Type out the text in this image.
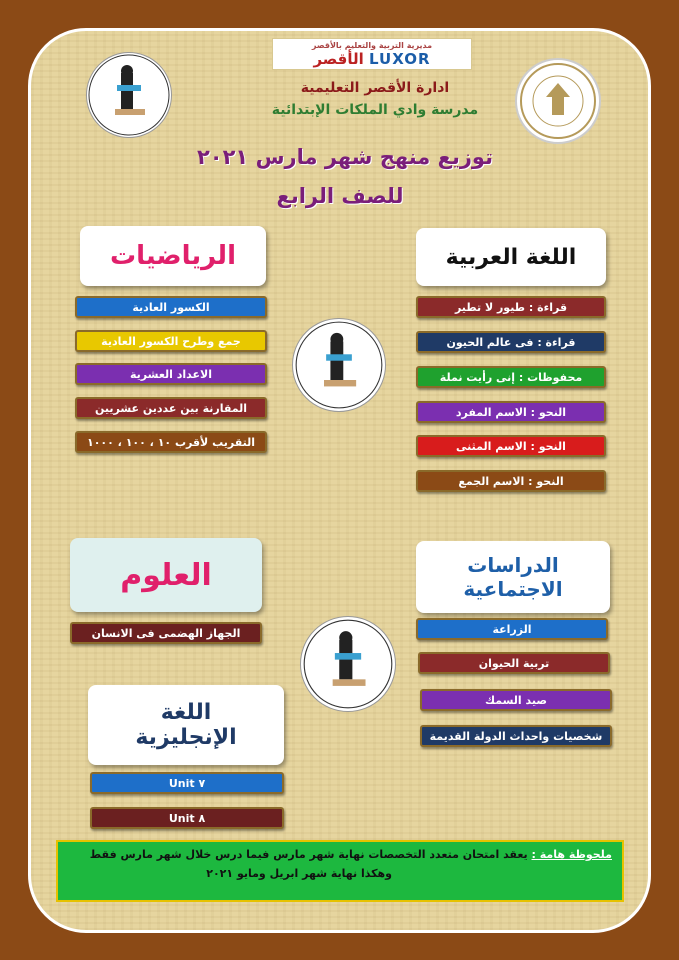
مديرية التربية والتعليم بالأقصر
الأقصر LUXOR
ادارة الأقصر التعليمية
مدرسة وادي الملكات الإبتدائية
توزيع منهج شهر مارس ٢٠٢١
للصف الرابع
اللغة العربية
الرياضيات
قراءة : طيور لا تطير
قراءة : فى عالم الحيون
محفوظات : إنى رأيت نملة
النحو : الاسم المفرد
النحو : الاسم المثنى
النحو : الاسم الجمع
الكسور العادية
جمع وطرح الكسور العادية
الاعداد العشرية
المقارنة بين عددين عشريين
التقريب لأقرب ١٠ ، ١٠٠ ، ١٠٠٠
العلوم
الجهاز الهضمى فى الانسان
الدراسات
الاجتماعية
الزراعة
تربية الحيوان
صيد السمك
شخصيات واحداث الدولة القديمة
اللغة
الإنجليزية
Unit ٧
Unit ٨
ملحوظة هامة : يعقد امتحان متعدد التخصصات نهاية شهر مارس فيما درس خلال شهر مارس فقط
وهكذا نهاية شهر ابريل ومايو ٢٠٢١
